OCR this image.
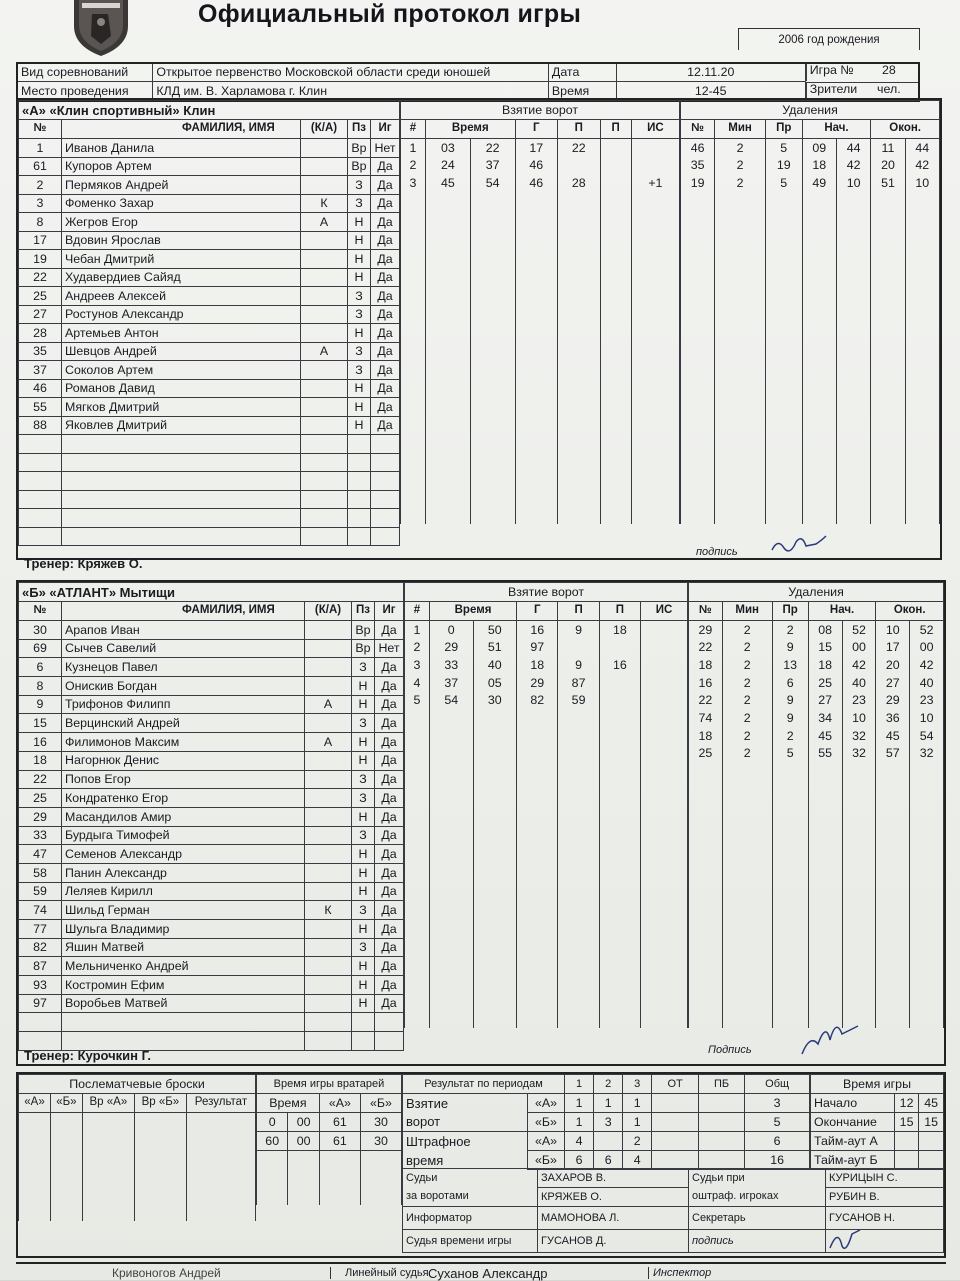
Официальный протокол игры
Вид соревнований	Открытое первенство Московской области среди юношей	Дата	12.11.20	Игра № 28

Место проведения	КЛД им. В. Харламова г. Клин	Время	12-45	Зрители чел.
2006 год рождения
«А» «Клин спортивный» Клин				
№	ФАМИЛИЯ, ИМЯ	(К/А)	Пз	Иг
1	Иванов Данила		Вр	Нет
61	Купоров Артем		Вр	Да
2	Пермяков Андрей		З	Да
3	Фоменко Захар	К	З	Да
8	Жегров Егор	А	Н	Да
17	Вдовин Ярослав		Н	Да
19	Чебан Дмитрий		Н	Да
22	Худавердиев Сайяд		Н	Да
25	Андреев Алексей		З	Да
27	Ростунов Александр		З	Да
28	Артемьев Антон		Н	Да
35	Шевцов Андрей	А	З	Да
37	Соколов Артем		З	Да
46	Романов Давид		Н	Да
55	Мягков Дмитрий		Н	Да
88	Яковлев Дмитрий		Н	Да

Взятие ворот						
#	Время		Г	П	П	ИС
1	03	22	17	22		
2	24	37	46			
3	45	54	46	28		+1

Удаления						
№	Мин	Пр	Нач.		Окон.	
46	2	5	09	44	11	44
35	2	19	18	42	20	42
19	2	5	49	10	51	10

Тренер: Кряжев О.
подпись
«Б» «АТЛАНТ» Мытищи				
№	ФАМИЛИЯ, ИМЯ	(К/А)	Пз	Иг
30	Арапов Иван		Вр	Да
69	Сычев Савелий		Вр	Нет
6	Кузнецов Павел		З	Да
8	Онискив Богдан		Н	Да
9	Трифонов Филипп	А	Н	Да
15	Верцинский Андрей		З	Да
16	Филимонов Максим	А	Н	Да
18	Нагорнюк Денис		Н	Да
22	Попов Егор		З	Да
25	Кондратенко Егор		З	Да
29	Масандилов Амир		Н	Да
33	Бурдыга Тимофей		З	Да
47	Семенов Александр		Н	Да
58	Панин Александр		Н	Да
59	Леляев Кирилл		Н	Да
74	Шильд Герман	К	З	Да
77	Шульга Владимир		Н	Да
82	Яшин Матвей		З	Да
87	Мельниченко Андрей		Н	Да
93	Костромин Ефим		Н	Да
97	Воробьев Матвей		Н	Да

Взятие ворот						
#	Время		Г	П	П	ИС
1	0	50	16	9	18	
2	29	51	97			
3	33	40	18	9	16	
4	37	05	29	87		
5	54	30	82	59		

Удаления						
№	Мин	Пр	Нач.		Окон.	
29	2	2	08	52	10	52
22	2	9	15	00	17	00
18	2	13	18	42	20	42
16	2	6	25	40	27	40
22	2	9	27	23	29	23
74	2	9	34	10	36	10
18	2	2	45	32	45	54
25	2	5	55	32	57	32

Тренер: Курочкин Г.	Подпись
Послематчевые броски				
«А»	«Б»	Вр «А»	Вр «Б»	Результат

Время игры вратарей			
Время		«А»	«Б»
0	00	61	30
60	00	61	30

Результат по периодам		1	2	3	ОТ	ПБ	Общ
Взятие	«А»	1	1	1			3
ворот	«Б»	1	3	1			5
Штрафное	«А»	4		2			6
время	«Б»	6	6	4			16
Время игры		
Начало	12	45
Окончание	15	15
Тайм-аут А		
Тайм-аут Б		
Судьи	ЗАХАРОВ В.	Судьи при	КУРИЦЫН С.
за воротами	КРЯЖЕВ О.	оштраф. игроках	РУБИН В.
Информатор	МАМОНОВА Л.	Секретарь	ГУСАНОВ Н.
Судья времени игры	ГУСАНОВ Д.	подпись	
Кривоногов Андрей	Линейный судья Суханов Александр	Инспектор
